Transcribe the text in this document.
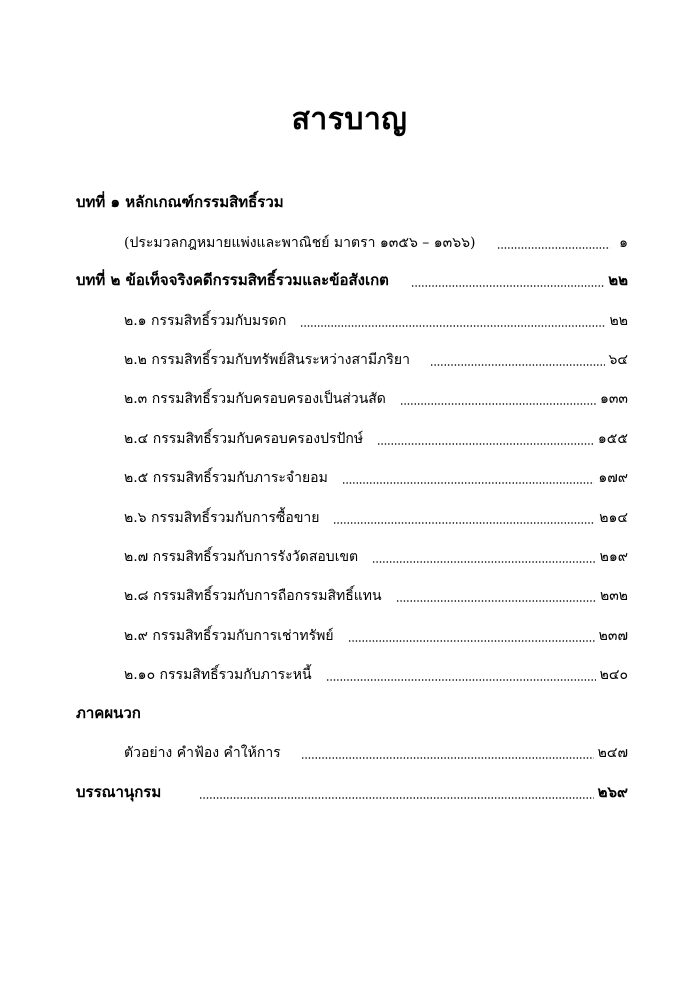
สารบาญ
บทที่ ๑ หลักเกณฑ์กรรมสิทธิ์รวม
(ประมวลกฎหมายแพ่งและพาณิชย์ มาตรา ๑๓๕๖ – ๑๓๖๖)	๑
บทที่ ๒ ข้อเท็จจริงคดีกรรมสิทธิ์รวมและข้อสังเกต	๒๒
๒.๑ กรรมสิทธิ์รวมกับมรดก	๒๒
๒.๒ กรรมสิทธิ์รวมกับทรัพย์สินระหว่างสามีภริยา	๖๔
๒.๓ กรรมสิทธิ์รวมกับครอบครองเป็นส่วนสัด	๑๓๓
๒.๔ กรรมสิทธิ์รวมกับครอบครองปรปักษ์	๑๕๕
๒.๕ กรรมสิทธิ์รวมกับภาระจำยอม	๑๗๙
๒.๖ กรรมสิทธิ์รวมกับการซื้อขาย	๒๑๔
๒.๗ กรรมสิทธิ์รวมกับการรังวัดสอบเขต	๒๑๙
๒.๘ กรรมสิทธิ์รวมกับการถือกรรมสิทธิ์แทน	๒๓๒
๒.๙ กรรมสิทธิ์รวมกับการเช่าทรัพย์	๒๓๗
๒.๑๐ กรรมสิทธิ์รวมกับภาระหนี้	๒๔๐
ภาคผนวก
ตัวอย่าง คำฟ้อง คำให้การ	๒๔๗
บรรณานุกรม	๒๖๙
